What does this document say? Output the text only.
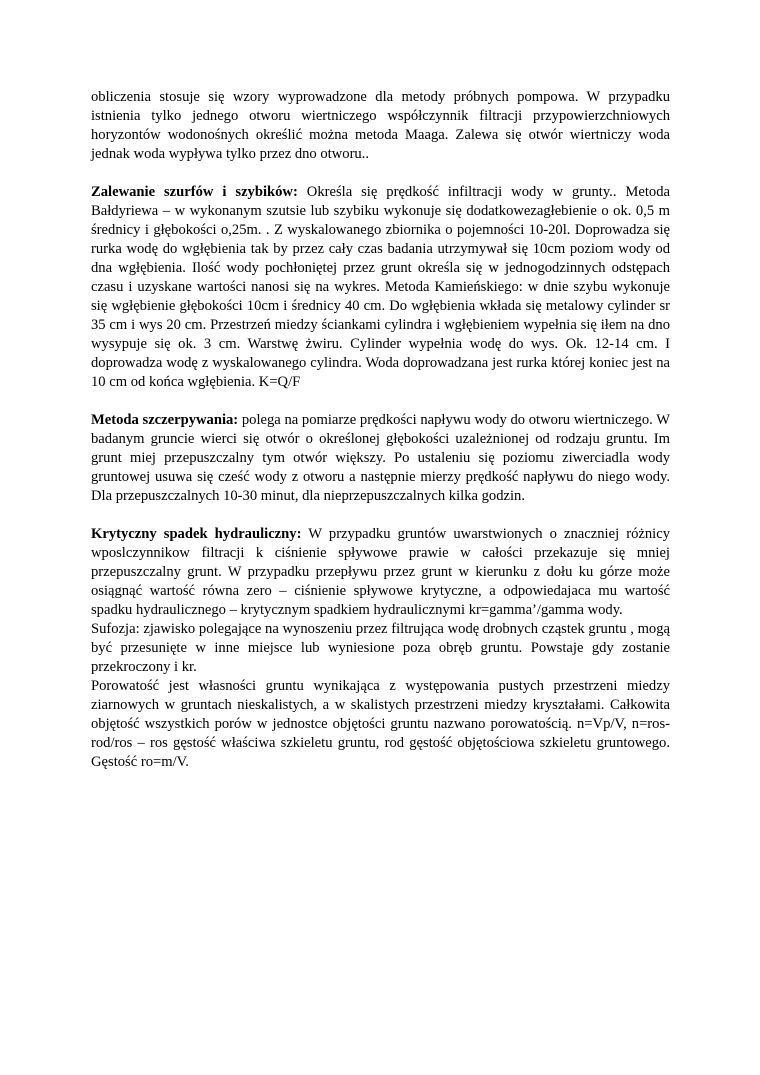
obliczenia stosuje się wzory wyprowadzone dla metody próbnych pompowa. W przypadku istnienia tylko jednego otworu wiertniczego współczynnik filtracji przypowierzchniowych horyzontów wodonośnych określić można metoda Maaga. Zalewa się otwór wiertniczy woda jednak woda wypływa tylko przez dno otworu..

Zalewanie szurfów i szybików: Określa się prędkość infiltracji wody w grunty.. Metoda Bałdyriewa – w wykonanym szutsie lub szybiku wykonuje się dodatkowezagłebienie o ok. 0,5 m średnicy i głębokości o,25m. . Z wyskalowanego zbiornika o pojemności 10-20l. Doprowadza się rurka wodę do wgłębienia tak by przez cały czas badania utrzymywał się 10cm poziom wody od dna wgłębienia. Ilość wody pochłoniętej przez grunt określa się w jednogodzinnych odstępach czasu i uzyskane wartości nanosi się na wykres. Metoda Kamieńskiego: w dnie szybu wykonuje się wgłębienie głębokości 10cm i średnicy 40 cm. Do wgłębienia wkłada się metalowy cylinder sr 35 cm i wys 20 cm. Przestrzeń miedzy ściankami cylindra i wgłębieniem wypełnia się iłem na dno wysypuje się ok. 3 cm. Warstwę żwiru. Cylinder wypełnia wodę do wys. Ok. 12-14 cm. I doprowadza wodę z wyskalowanego cylindra. Woda doprowadzana jest rurka której koniec jest na 10 cm od końca wgłębienia. K=Q/F

Metoda szczerpywania: polega na pomiarze prędkości napływu wody do otworu wiertniczego. W badanym gruncie wierci się otwór o określonej głębokości uzależnionej od rodzaju gruntu. Im grunt miej przepuszczalny tym otwór większy. Po ustaleniu się poziomu ziwerciadla wody gruntowej usuwa się cześć wody z otworu a następnie mierzy prędkość napływu do niego wody. Dla przepuszczalnych 10-30 minut, dla nieprzepuszczalnych kilka godzin.

Krytyczny spadek hydrauliczny: W przypadku gruntów uwarstwionych o znaczniej różnicy wposlczynnikow filtracji k ciśnienie spływowe prawie w całości przekazuje się mniej przepuszczalny grunt. W przypadku przepływu przez grunt w kierunku z dołu ku górze może osiągnąć wartość równa zero – ciśnienie spływowe krytyczne, a odpowiedajaca mu wartość spadku hydraulicznego – krytycznym spadkiem hydraulicznymi kr=gamma’/gamma wody.

Sufozja: zjawisko polegające na wynoszeniu przez filtrująca wodę drobnych cząstek gruntu , mogą być przesunięte w inne miejsce lub wyniesione poza obręb gruntu. Powstaje gdy zostanie przekroczony i kr.

Porowatość jest własności gruntu wynikająca z występowania pustych przestrzeni miedzy ziarnowych w gruntach nieskalistych, a w skalistych przestrzeni miedzy kryształami. Całkowita objętość wszystkich porów w jednostce objętości gruntu nazwano porowatością. n=Vp/V, n=ros-rod/ros – ros gęstość właściwa szkieletu gruntu, rod gęstość objętościowa szkieletu gruntowego. Gęstość ro=m/V.
